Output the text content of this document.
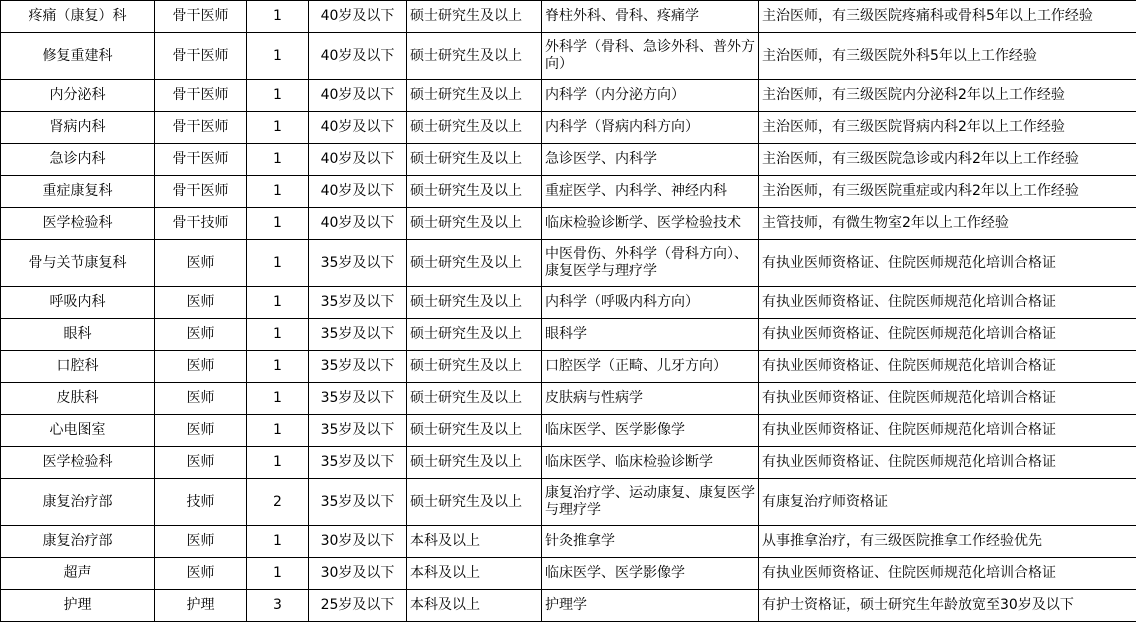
疼痛（康复）科	骨干医师	1	40岁及以下	硕士研究生及以上	脊柱外科、骨科、疼痛学	主治医师，有三级医院疼痛科或骨科5年以上工作经验
修复重建科	骨干医师	1	40岁及以下	硕士研究生及以上	外科学（骨科、急诊外科、普外方向）	主治医师，有三级医院外科5年以上工作经验
内分泌科	骨干医师	1	40岁及以下	硕士研究生及以上	内科学（内分泌方向）	主治医师，有三级医院内分泌科2年以上工作经验
肾病内科	骨干医师	1	40岁及以下	硕士研究生及以上	内科学（肾病内科方向）	主治医师，有三级医院肾病内科2年以上工作经验
急诊内科	骨干医师	1	40岁及以下	硕士研究生及以上	急诊医学、内科学	主治医师，有三级医院急诊或内科2年以上工作经验
重症康复科	骨干医师	1	40岁及以下	硕士研究生及以上	重症医学、内科学、神经内科	主治医师，有三级医院重症或内科2年以上工作经验
医学检验科	骨干技师	1	40岁及以下	硕士研究生及以上	临床检验诊断学、医学检验技术	主管技师，有微生物室2年以上工作经验
骨与关节康复科	医师	1	35岁及以下	硕士研究生及以上	中医骨伤、外科学（骨科方向）、康复医学与理疗学	有执业医师资格证、住院医师规范化培训合格证
呼吸内科	医师	1	35岁及以下	硕士研究生及以上	内科学（呼吸内科方向）	有执业医师资格证、住院医师规范化培训合格证
眼科	医师	1	35岁及以下	硕士研究生及以上	眼科学	有执业医师资格证、住院医师规范化培训合格证
口腔科	医师	1	35岁及以下	硕士研究生及以上	口腔医学（正畸、儿牙方向）	有执业医师资格证、住院医师规范化培训合格证
皮肤科	医师	1	35岁及以下	硕士研究生及以上	皮肤病与性病学	有执业医师资格证、住院医师规范化培训合格证
心电图室	医师	1	35岁及以下	硕士研究生及以上	临床医学、医学影像学	有执业医师资格证、住院医师规范化培训合格证
医学检验科	医师	1	35岁及以下	硕士研究生及以上	临床医学、临床检验诊断学	有执业医师资格证、住院医师规范化培训合格证
康复治疗部	技师	2	35岁及以下	硕士研究生及以上	康复治疗学、运动康复、康复医学与理疗学	有康复治疗师资格证
康复治疗部	医师	1	30岁及以下	本科及以上	针灸推拿学	从事推拿治疗，有三级医院推拿工作经验优先
超声	医师	1	30岁及以下	本科及以上	临床医学、医学影像学	有执业医师资格证、住院医师规范化培训合格证
护理	护理	3	25岁及以下	本科及以上	护理学	有护士资格证，硕士研究生年龄放宽至30岁及以下
